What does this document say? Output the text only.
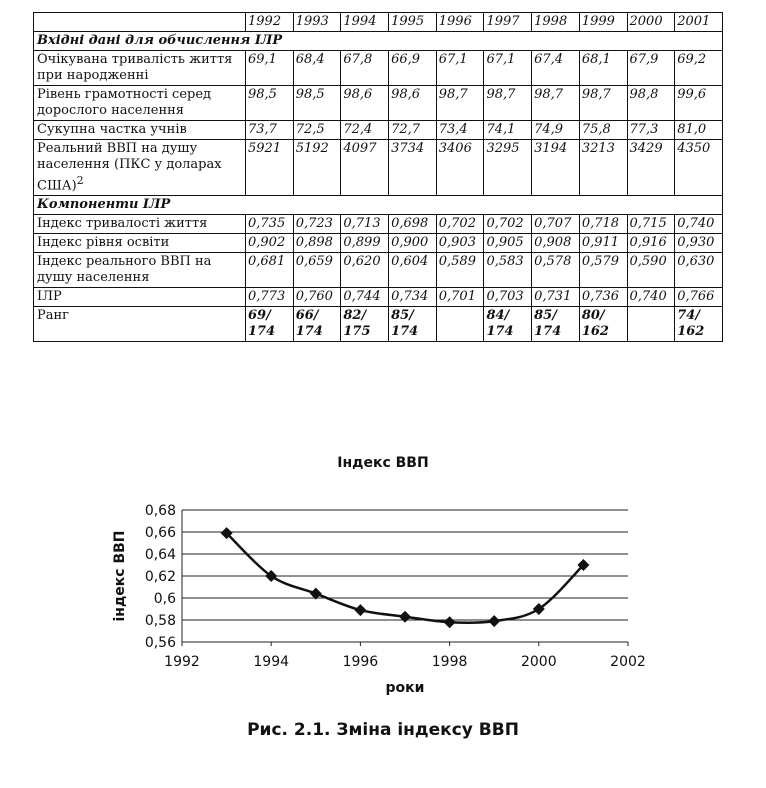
	1992	1993	1994	1995	1996	1997	1998	1999	2000	2001
Вхідні дані для обчислення ІЛР										
Очікувана тривалість життя при народженні	69,1	68,4	67,8	66,9	67,1	67,1	67,4	68,1	67,9	69,2
Рівень грамотності серед дорослого населення	98,5	98,5	98,6	98,6	98,7	98,7	98,7	98,7	98,8	99,6
Сукупна частка учнів	73,7	72,5	72,4	72,7	73,4	74,1	74,9	75,8	77,3	81,0
Реальний ВВП на душу населення (ПКС у доларах США)$^2$	5921	5192	4097	3734	3406	3295	3194	3213	3429	4350
Компоненти ІЛР										
Індекс тривалості життя	0,735	0,723	0,713	0,698	0,702	0,702	0,707	0,718	0,715	0,740
Індекс рівня освіти	0,902	0,898	0,899	0,900	0,903	0,905	0,908	0,911	0,916	0,930
Індекс реального ВВП на душу населення	0,681	0,659	0,620	0,604	0,589	0,583	0,578	0,579	0,590	0,630
ІЛР	0,773	0,760	0,744	0,734	0,701	0,703	0,731	0,736	0,740	0,766
Ранг	69/ 174	66/ 174	82/ 175	85/ 174		84/ 174	85/ 174	80/ 162		74/ 162
Індекс ВВП
0,56
0,58
0,6
0,62
0,64
0,66
0,68
1992	1994	1996	1998	2000	2002
роки
індекс ВВП
Рис. 2.1. Зміна індексу ВВП
